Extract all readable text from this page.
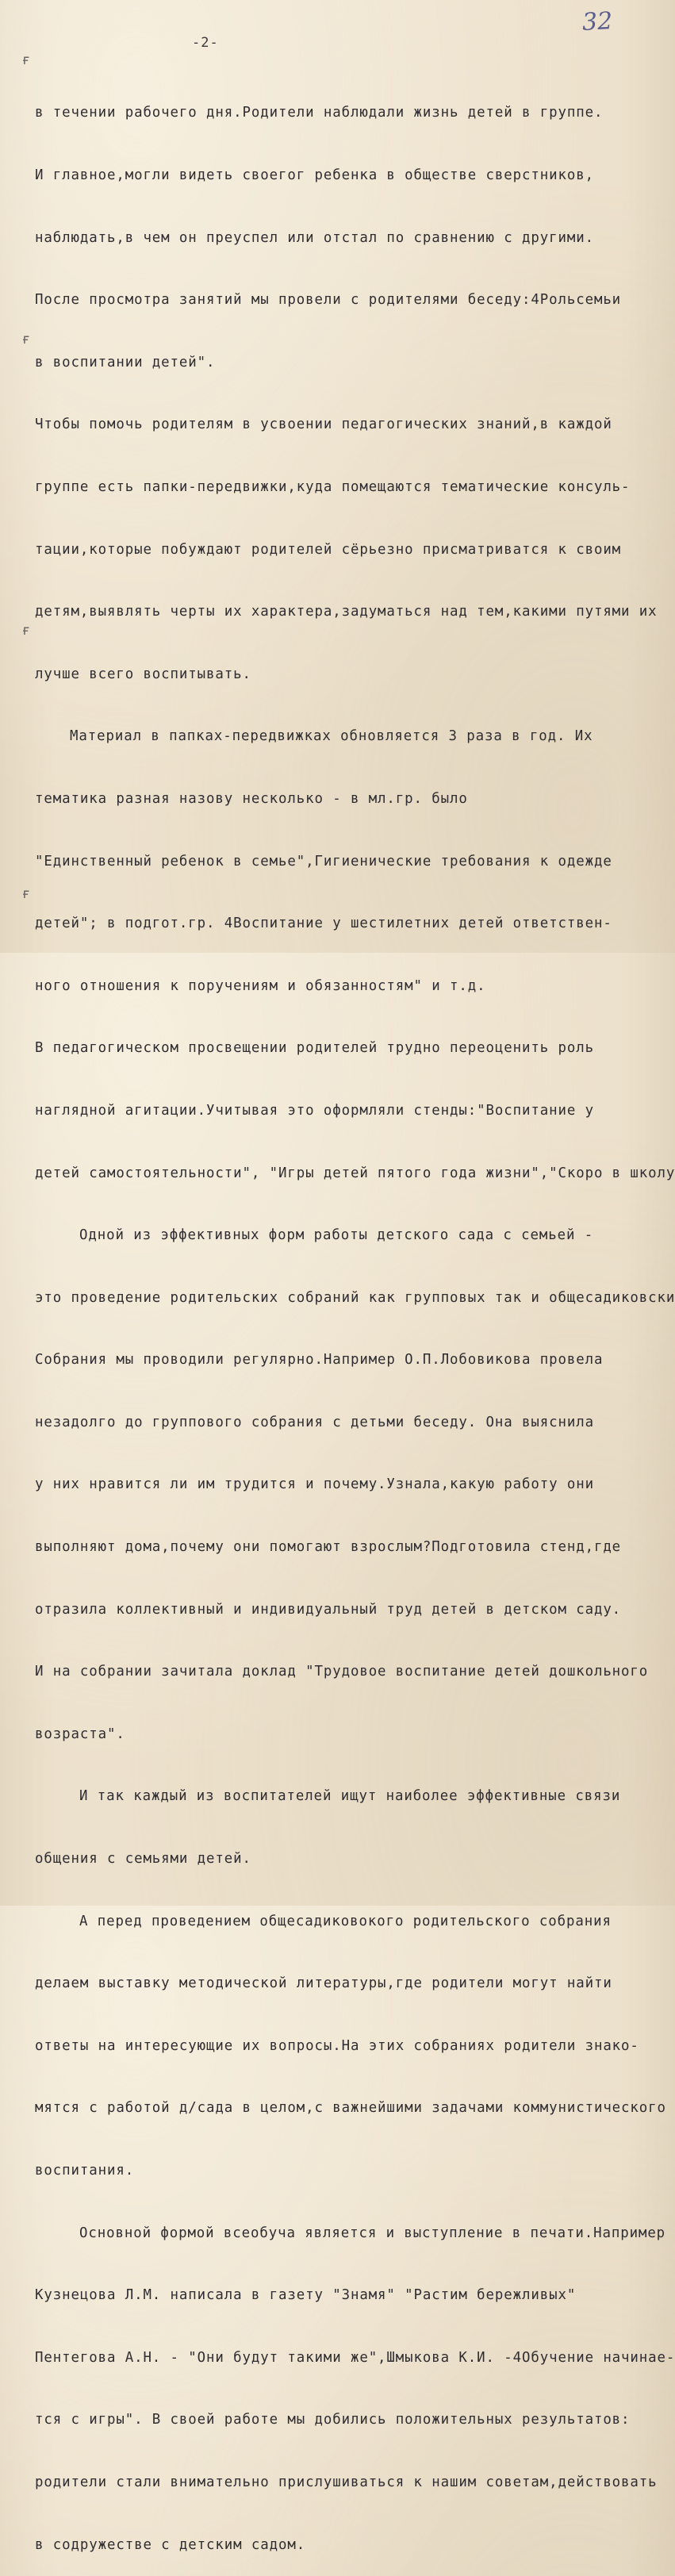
-2-
32
ғ
ғ
ғ
ғ

в течении рабочего дня.Родители наблюдали жизнь детей в группе.

И главное,могли видеть своегог ребенка в обществе сверстников,

наблюдать,в чем он преуспел или отстал по сравнению с другими.

После просмотра занятий мы провели с родителями беседу:4Рольсемьи

в воспитании детей".

Чтобы помочь родителям в усвоении педагогических знаний,в каждой

группе есть папки-передвижки,куда помещаются тематические консуль-

тации,которые побуждают родителей сёрьезно присматриватся к своим

детям,выявлять черты их характера,задуматься над тем,какими путями их

лучше всего воспитывать.

Материал в папках-передвижках обновляется 3 раза в год. Их

тематика разная назову несколько - в мл.гр. было

"Единственный ребенок в семье",Гигиенические требования к одежде

детей"; в подгот.гр. 4Воспитание у шестилетних детей ответствен-

ного отношения к поручениям и обязанностям" и т.д.

В педагогическом просвещении родителей трудно переоценить роль

наглядной агитации.Учитывая это оформляли стенды:"Воспитание у

детей самостоятельности", "Игры детей пятого года жизни","Скоро в школу

Одной из эффективных форм работы детского сада с семьей -

это проведение родительских собраний как групповых так и общесадиковски

Собрания мы проводили регулярно.Например О.П.Лобовикова провела

незадолго до группового собрания с детьми беседу. Она выяснила

у них нравится ли им трудится и почему.Узнала,какую работу они

выполняют дома,почему они помогают взрослым?Подготовила стенд,где

отразила коллективный и индивидуальный труд детей в детском саду.

И на собрании зачитала доклад "Трудовое воспитание детей дошкольного

возраста".

И так каждый из воспитателей ищут наиболее эффективные связи

общения с семьями детей.

А перед проведением общесадиковокого родительского собрания

делаем выставку методической литературы,где родители могут найти

ответы на интересующие их вопросы.На этих собраниях родители знако-

мятся с работой д/сада в целом,с важнейшими задачами коммунистического

воспитания.

Основной формой всеобуча является и выступление в печати.Например

Кузнецова Л.М. написала в газету "Знамя" "Растим бережливых"

Пентегова А.Н. - "Они будут такими же",Шмыкова К.И. -4Обучение начинае-

тся с игры". В своей работе мы добились положительных результатов:

родители стали внимательно прислушиваться к нашим советам,действовать

в содружестве с детским садом.
